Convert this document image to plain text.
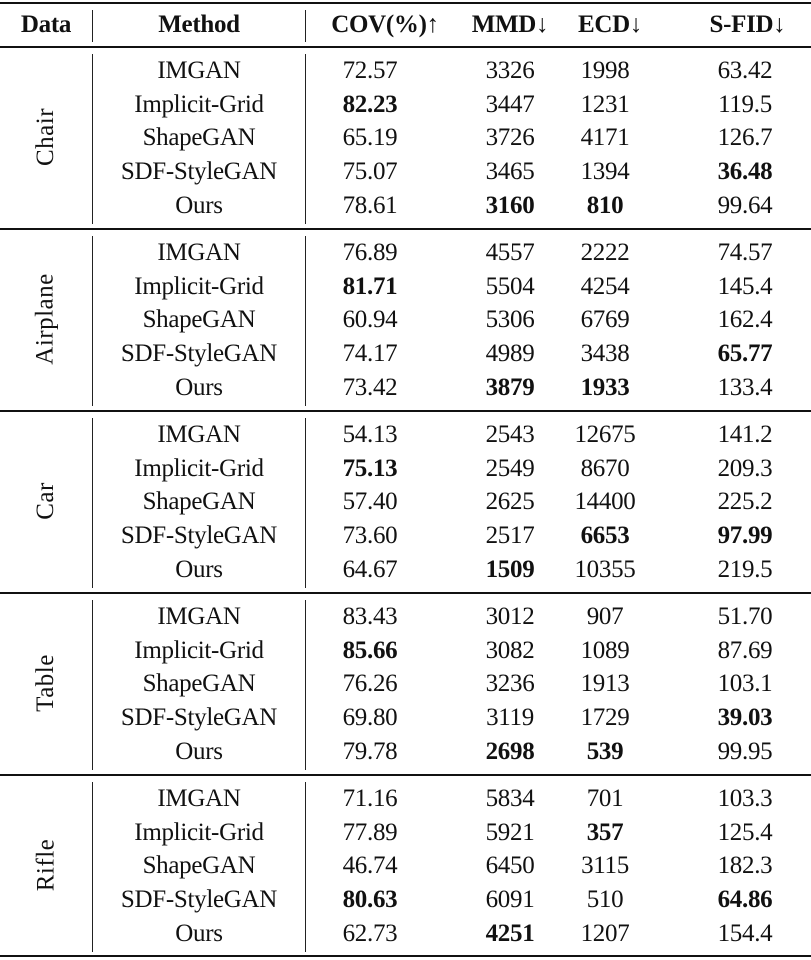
Data	Method	COV(%)↑	MMD↓	ECD↓	S-FID↓
Chair
IMGAN	72.57	3326	1998	63.42
Implicit-Grid	82.23	3447	1231	119.5
ShapeGAN	65.19	3726	4171	126.7
SDF-StyleGAN	75.07	3465	1394	36.48
Ours	78.61	3160	810	99.64
Airplane
IMGAN	76.89	4557	2222	74.57
Implicit-Grid	81.71	5504	4254	145.4
ShapeGAN	60.94	5306	6769	162.4
SDF-StyleGAN	74.17	4989	3438	65.77
Ours	73.42	3879	1933	133.4
Car
IMGAN	54.13	2543	12675	141.2
Implicit-Grid	75.13	2549	8670	209.3
ShapeGAN	57.40	2625	14400	225.2
SDF-StyleGAN	73.60	2517	6653	97.99
Ours	64.67	1509	10355	219.5
Table
IMGAN	83.43	3012	907	51.70
Implicit-Grid	85.66	3082	1089	87.69
ShapeGAN	76.26	3236	1913	103.1
SDF-StyleGAN	69.80	3119	1729	39.03
Ours	79.78	2698	539	99.95
Rifle
IMGAN	71.16	5834	701	103.3
Implicit-Grid	77.89	5921	357	125.4
ShapeGAN	46.74	6450	3115	182.3
SDF-StyleGAN	80.63	6091	510	64.86
Ours	62.73	4251	1207	154.4
